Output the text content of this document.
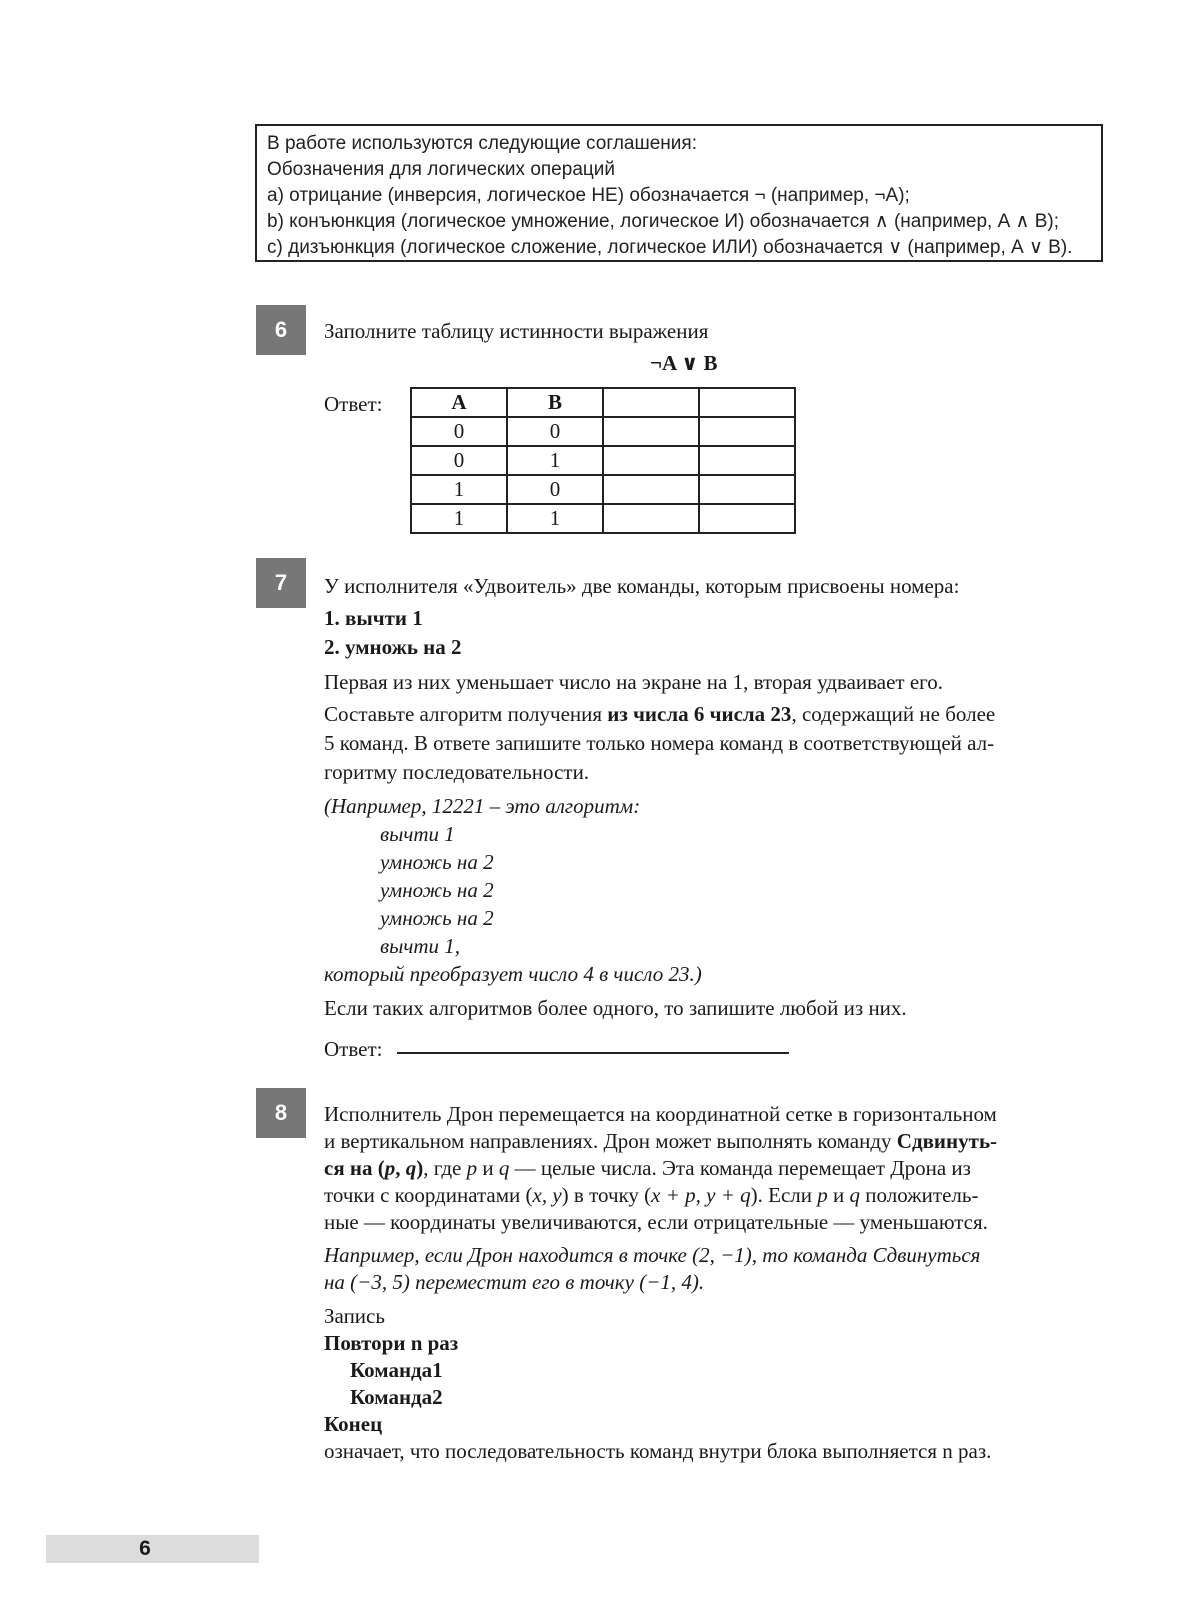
В работе используются следующие соглашения:
Обозначения для логических операций
а) отрицание (инверсия, логическое НЕ) обозначается ¬ (например, ¬А);
b) конъюнкция (логическое умножение, логическое И) обозначается ∧ (например, А ∧ В);
с) дизъюнкция (логическое сложение, логическое ИЛИ) обозначается ∨ (например, А ∨ В).
6	Заполните таблицу истинности выражения
¬A ∨ B
Ответ:	A	B		
0	0		
0	1		
1	0		
1	1		
7	У исполнителя «Удвоитель» две команды, которым присвоены номера:
1. вычти 1
2. умножь на 2
Первая из них уменьшает число на экране на 1, вторая удваивает его.
Составьте алгоритм получения из числа 6 числа 23, содержащий не более
5 команд. В ответе запишите только номера команд в соответствующей ал-
горитму последовательности.
(Например, 12221 – это алгоритм:
вычти 1
умножь на 2
умножь на 2
умножь на 2
вычти 1,
который преобразует число 4 в число 23.)
Если таких алгоритмов более одного, то запишите любой из них.
Ответ:
8	Исполнитель Дрон перемещается на координатной сетке в горизонтальном
и вертикальном направлениях. Дрон может выполнять команду Сдвинуть-
ся на (p, q), где p и q — целые числа. Эта команда перемещает Дрона из
точки с координатами (x, y) в точку (x + p, y + q). Если p и q положитель-
ные — координаты увеличиваются, если отрицательные — уменьшаются.
Например, если Дрон находится в точке (2, −1), то команда Сдвинуться
на (−3, 5) переместит его в точку (−1, 4).
Запись
Повтори n раз
Команда1
Команда2
Конец
означает, что последовательность команд внутри блока выполняется n раз.
6
